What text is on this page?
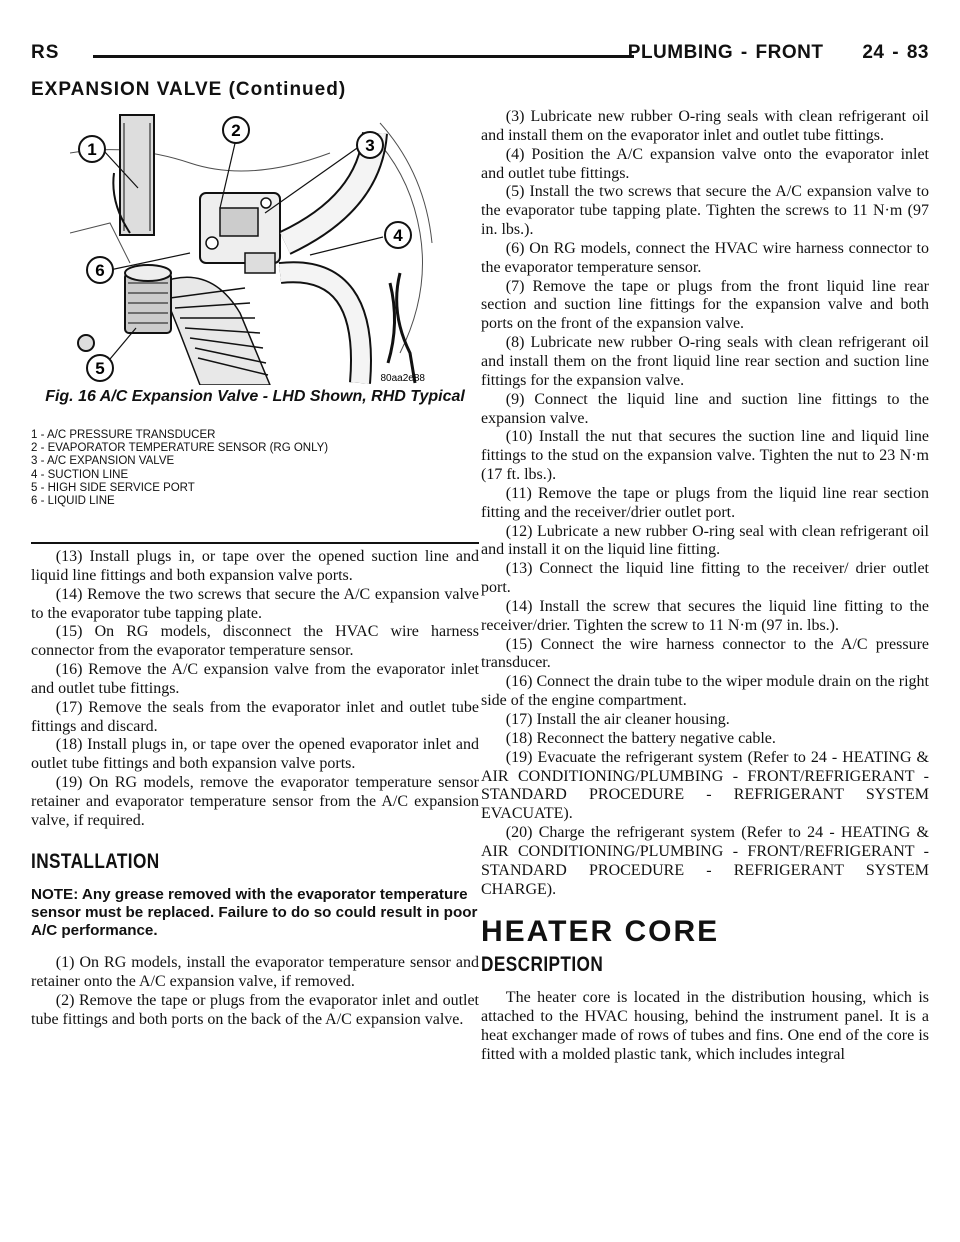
RS	PLUMBING - FRONT 24 - 83
EXPANSION VALVE (Continued)
1
2
3
4
5
6
80aa2e88
Fig. 16 A/C Expansion Valve - LHD Shown, RHD Typical
1 - A/C PRESSURE TRANSDUCER
2 - EVAPORATOR TEMPERATURE SENSOR (RG ONLY)
3 - A/C EXPANSION VALVE
4 - SUCTION LINE
5 - HIGH SIDE SERVICE PORT
6 - LIQUID LINE

(13) Install plugs in, or tape over the opened suction line and liquid line fittings and both expansion valve ports.

(14) Remove the two screws that secure the A/C expansion valve to the evaporator tube tapping plate.

(15) On RG models, disconnect the HVAC wire harness connector from the evaporator temperature sensor.

(16) Remove the A/C expansion valve from the evaporator inlet and outlet tube fittings.

(17) Remove the seals from the evaporator inlet and outlet tube fittings and discard.

(18) Install plugs in, or tape over the opened evaporator inlet and outlet tube fittings and both expansion valve ports.

(19) On RG models, remove the evaporator temperature sensor retainer and evaporator temperature sensor from the A/C expansion valve, if required.

INSTALLATION

NOTE: Any grease removed with the evaporator temperature sensor must be replaced. Failure to do so could result in poor A/C performance.

(1) On RG models, install the evaporator temperature sensor and retainer onto the A/C expansion valve, if removed.

(2) Remove the tape or plugs from the evaporator inlet and outlet tube fittings and both ports on the back of the A/C expansion valve.

(3) Lubricate new rubber O-ring seals with clean refrigerant oil and install them on the evaporator inlet and outlet tube fittings.

(4) Position the A/C expansion valve onto the evaporator inlet and outlet tube fittings.

(5) Install the two screws that secure the A/C expansion valve to the evaporator tube tapping plate. Tighten the screws to 11 N·m (97 in. lbs.).

(6) On RG models, connect the HVAC wire harness connector to the evaporator temperature sensor.

(7) Remove the tape or plugs from the front liquid line rear section and suction line fittings for the expansion valve and both ports on the front of the expansion valve.

(8) Lubricate new rubber O-ring seals with clean refrigerant oil and install them on the front liquid line rear section and suction line fittings for the expansion valve.

(9) Connect the liquid line and suction line fittings to the expansion valve.

(10) Install the nut that secures the suction line and liquid line fittings to the stud on the expansion valve. Tighten the nut to 23 N·m (17 ft. lbs.).

(11) Remove the tape or plugs from the liquid line rear section fitting and the receiver/drier outlet port.

(12) Lubricate a new rubber O-ring seal with clean refrigerant oil and install it on the liquid line fitting.

(13) Connect the liquid line fitting to the receiver/ drier outlet port.

(14) Install the screw that secures the liquid line fitting to the receiver/drier. Tighten the screw to 11 N·m (97 in. lbs.).

(15) Connect the wire harness connector to the A/C pressure transducer.

(16) Connect the drain tube to the wiper module drain on the right side of the engine compartment.

(17) Install the air cleaner housing.

(18) Reconnect the battery negative cable.

(19) Evacuate the refrigerant system (Refer to 24 - HEATING & AIR CONDITIONING/PLUMBING - FRONT/REFRIGERANT - STANDARD PROCEDURE - REFRIGERANT SYSTEM EVACUATE).

(20) Charge the refrigerant system (Refer to 24 - HEATING & AIR CONDITIONING/PLUMBING - FRONT/REFRIGERANT - STANDARD PROCEDURE - REFRIGERANT SYSTEM CHARGE).

HEATER CORE
DESCRIPTION

The heater core is located in the distribution housing, which is attached to the HVAC housing, behind the instrument panel. It is a heat exchanger made of rows of tubes and fins. One end of the core is fitted with a molded plastic tank, which includes integral
